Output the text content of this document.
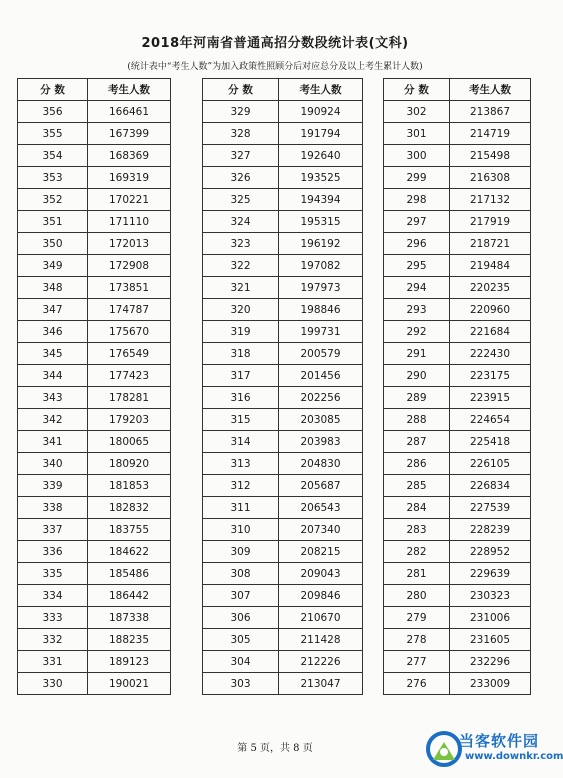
2018年河南省普通高招分数段统计表(文科)
(统计表中“考生人数”为加入政策性照顾分后对应总分及以上考生累计人数)
分 数	考生人数
356	166461
355	167399
354	168369
353	169319
352	170221
351	171110
350	172013
349	172908
348	173851
347	174787
346	175670
345	176549
344	177423
343	178281
342	179203
341	180065
340	180920
339	181853
338	182832
337	183755
336	184622
335	185486
334	186442
333	187338
332	188235
331	189123
330	190021
分 数	考生人数
329	190924
328	191794
327	192640
326	193525
325	194394
324	195315
323	196192
322	197082
321	197973
320	198846
319	199731
318	200579
317	201456
316	202256
315	203085
314	203983
313	204830
312	205687
311	206543
310	207340
309	208215
308	209043
307	209846
306	210670
305	211428
304	212226
303	213047
分 数	考生人数
302	213867
301	214719
300	215498
299	216308
298	217132
297	217919
296	218721
295	219484
294	220235
293	220960
292	221684
291	222430
290	223175
289	223915
288	224654
287	225418
286	226105
285	226834
284	227539
283	228239
282	228952
281	229639
280	230323
279	231006
278	231605
277	232296
276	233009
第 5 页，共 8 页	当客软件园
www.downkr.com
